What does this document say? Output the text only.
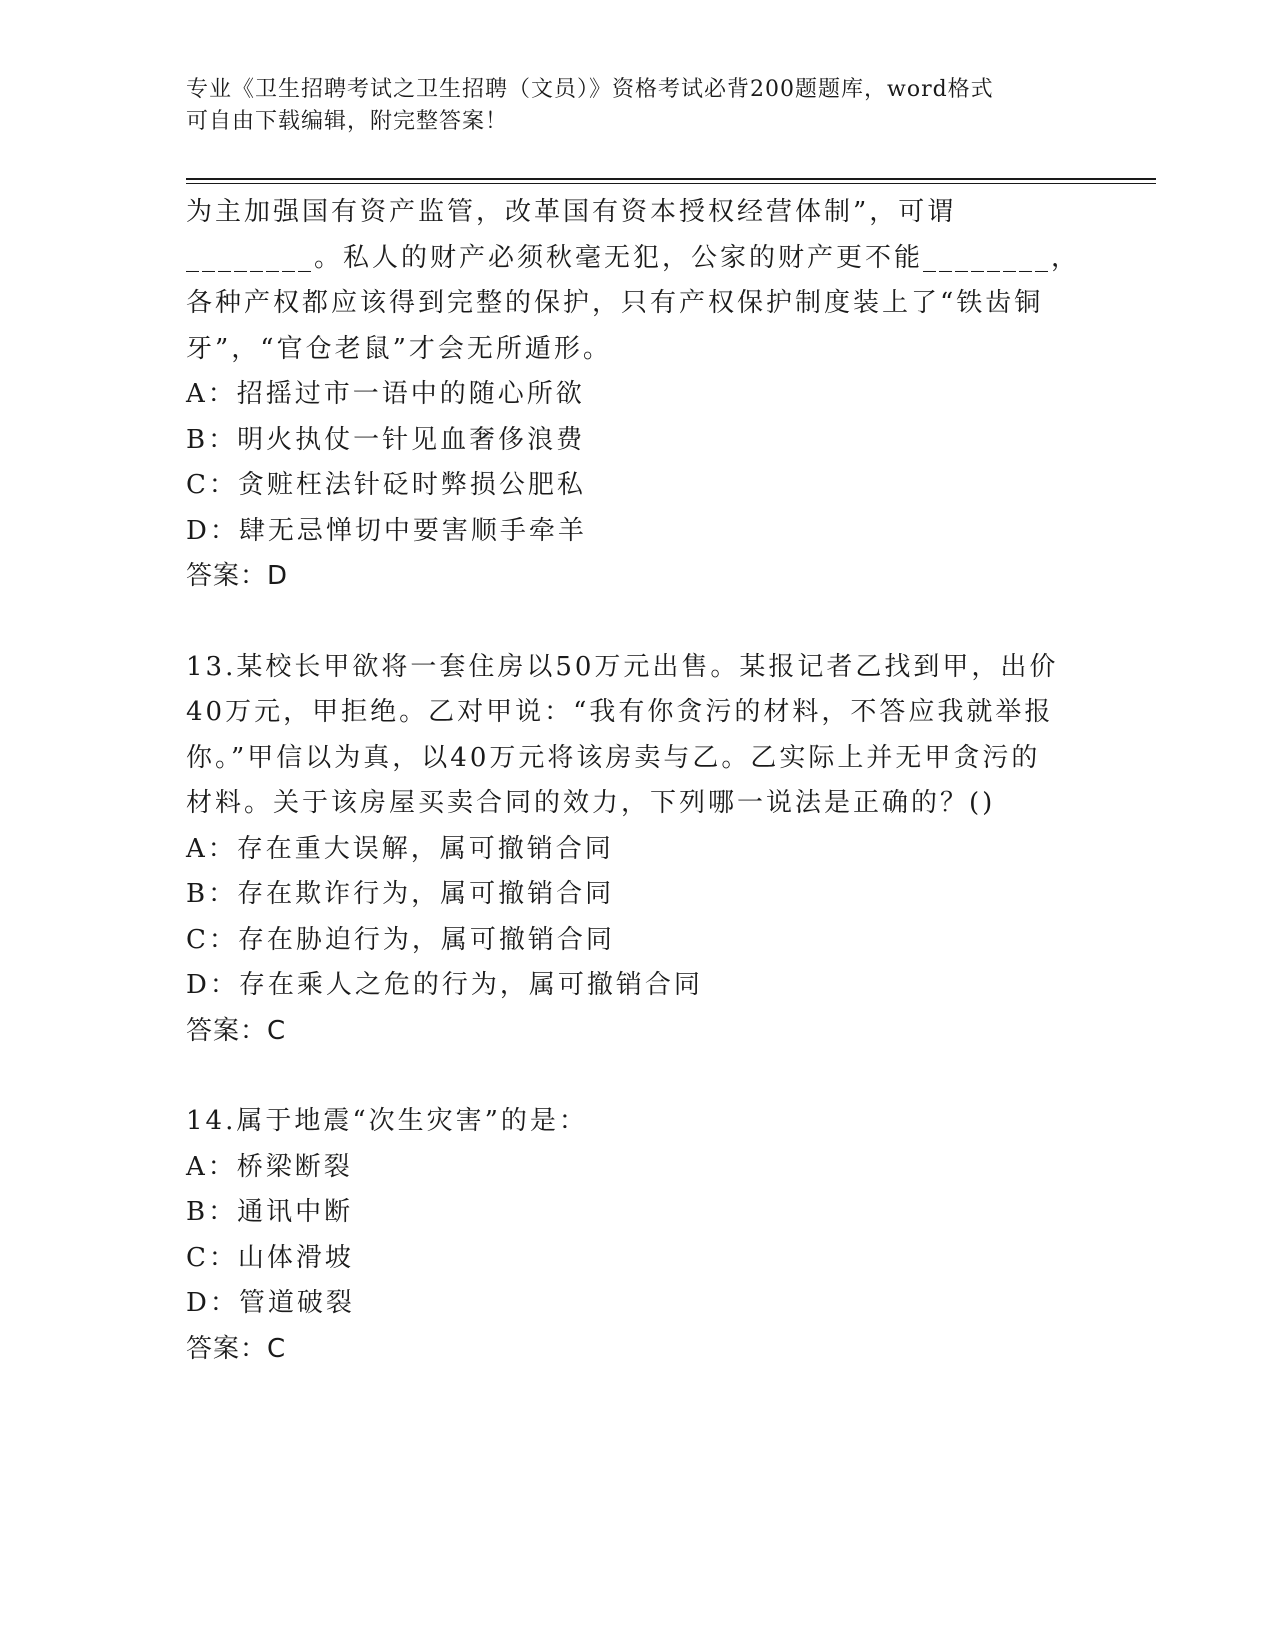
专业《卫生招聘考试之卫生招聘（文员）》资格考试必背200题题库，word格式
可自由下载编辑，附完整答案！
为主加强国有资产监管，改革国有资本授权经营体制”，可谓
________。私人的财产必须秋毫无犯，公家的财产更不能________，
各种产权都应该得到完整的保护，只有产权保护制度装上了“铁齿铜
牙”，“官仓老鼠”才会无所遁形。
A：招摇过市一语中的随心所欲
B：明火执仗一针见血奢侈浪费
C：贪赃枉法针砭时弊损公肥私
D：肆无忌惮切中要害顺手牵羊
答案：D
13.某校长甲欲将一套住房以50万元出售。某报记者乙找到甲，出价
40万元，甲拒绝。乙对甲说：“我有你贪污的材料，不答应我就举报
你。”甲信以为真，以40万元将该房卖与乙。乙实际上并无甲贪污的
材料。关于该房屋买卖合同的效力，下列哪一说法是正确的？()
A：存在重大误解，属可撤销合同
B：存在欺诈行为，属可撤销合同
C：存在胁迫行为，属可撤销合同
D：存在乘人之危的行为，属可撤销合同
答案：C
14.属于地震“次生灾害”的是：
A：桥梁断裂
B：通讯中断
C：山体滑坡
D：管道破裂
答案：C
